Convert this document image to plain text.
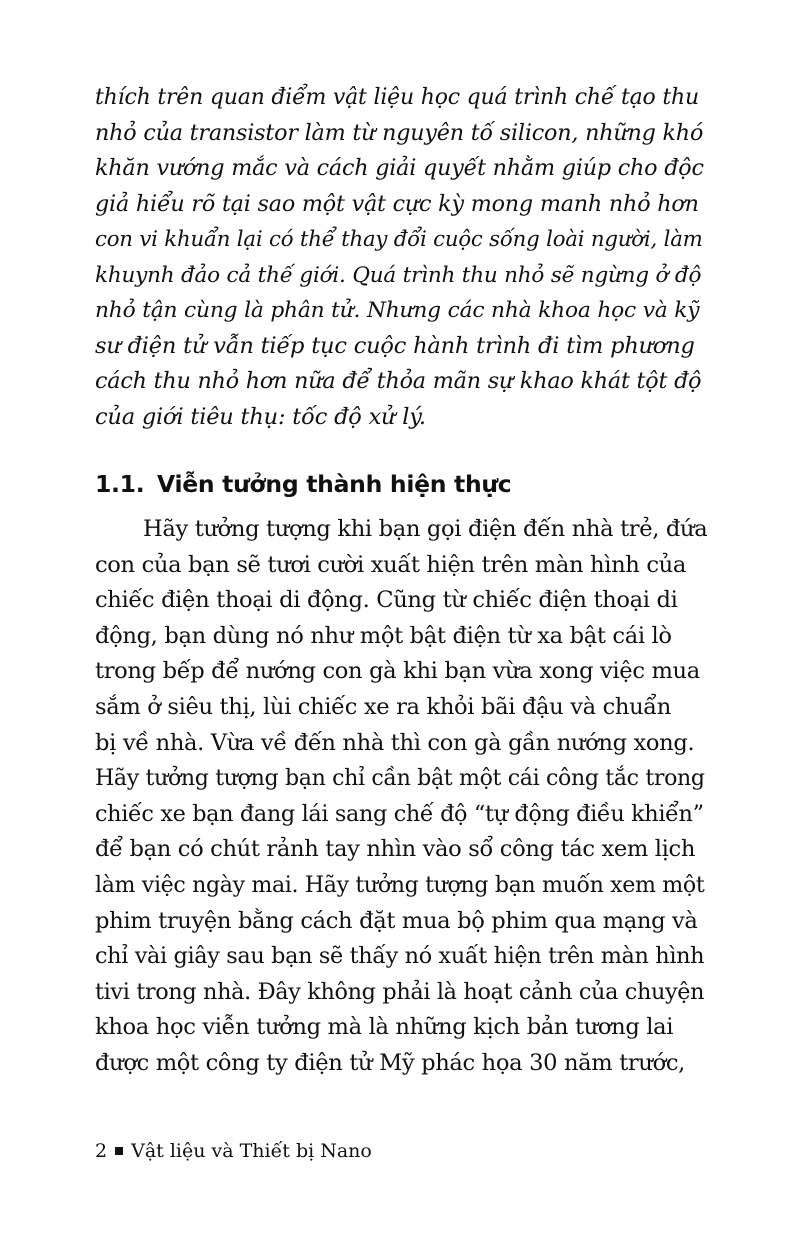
thích trên quan điểm vật liệu học quá trình chế tạo thu
nhỏ của transistor làm từ nguyên tố silicon, những khó
khăn vướng mắc và cách giải quyết nhằm giúp cho độc
giả hiểu rõ tại sao một vật cực kỳ mong manh nhỏ hơn
con vi khuẩn lại có thể thay đổi cuộc sống loài người, làm
khuynh đảo cả thế giới. Quá trình thu nhỏ sẽ ngừng ở độ
nhỏ tận cùng là phân tử. Nhưng các nhà khoa học và kỹ
sư điện tử vẫn tiếp tục cuộc hành trình đi tìm phương
cách thu nhỏ hơn nữa để thỏa mãn sự khao khát tột độ
của giới tiêu thụ: tốc độ xử lý.

1.1. Viễn tưởng thành hiện thực

Hãy tưởng tượng khi bạn gọi điện đến nhà trẻ, đứa
con của bạn sẽ tươi cười xuất hiện trên màn hình của
chiếc điện thoại di động. Cũng từ chiếc điện thoại di
động, bạn dùng nó như một bật điện từ xa bật cái lò
trong bếp để nướng con gà khi bạn vừa xong việc mua
sắm ở siêu thị, lùi chiếc xe ra khỏi bãi đậu và chuẩn
bị về nhà. Vừa về đến nhà thì con gà gần nướng xong.
Hãy tưởng tượng bạn chỉ cần bật một cái công tắc trong
chiếc xe bạn đang lái sang chế độ “tự động điều khiển”
để bạn có chút rảnh tay nhìn vào sổ công tác xem lịch
làm việc ngày mai. Hãy tưởng tượng bạn muốn xem một
phim truyện bằng cách đặt mua bộ phim qua mạng và
chỉ vài giây sau bạn sẽ thấy nó xuất hiện trên màn hình
tivi trong nhà. Đây không phải là hoạt cảnh của chuyện
khoa học viễn tưởng mà là những kịch bản tương lai
được một công ty điện tử Mỹ phác họa 30 năm trước,

2 Vật liệu và Thiết bị Nano
